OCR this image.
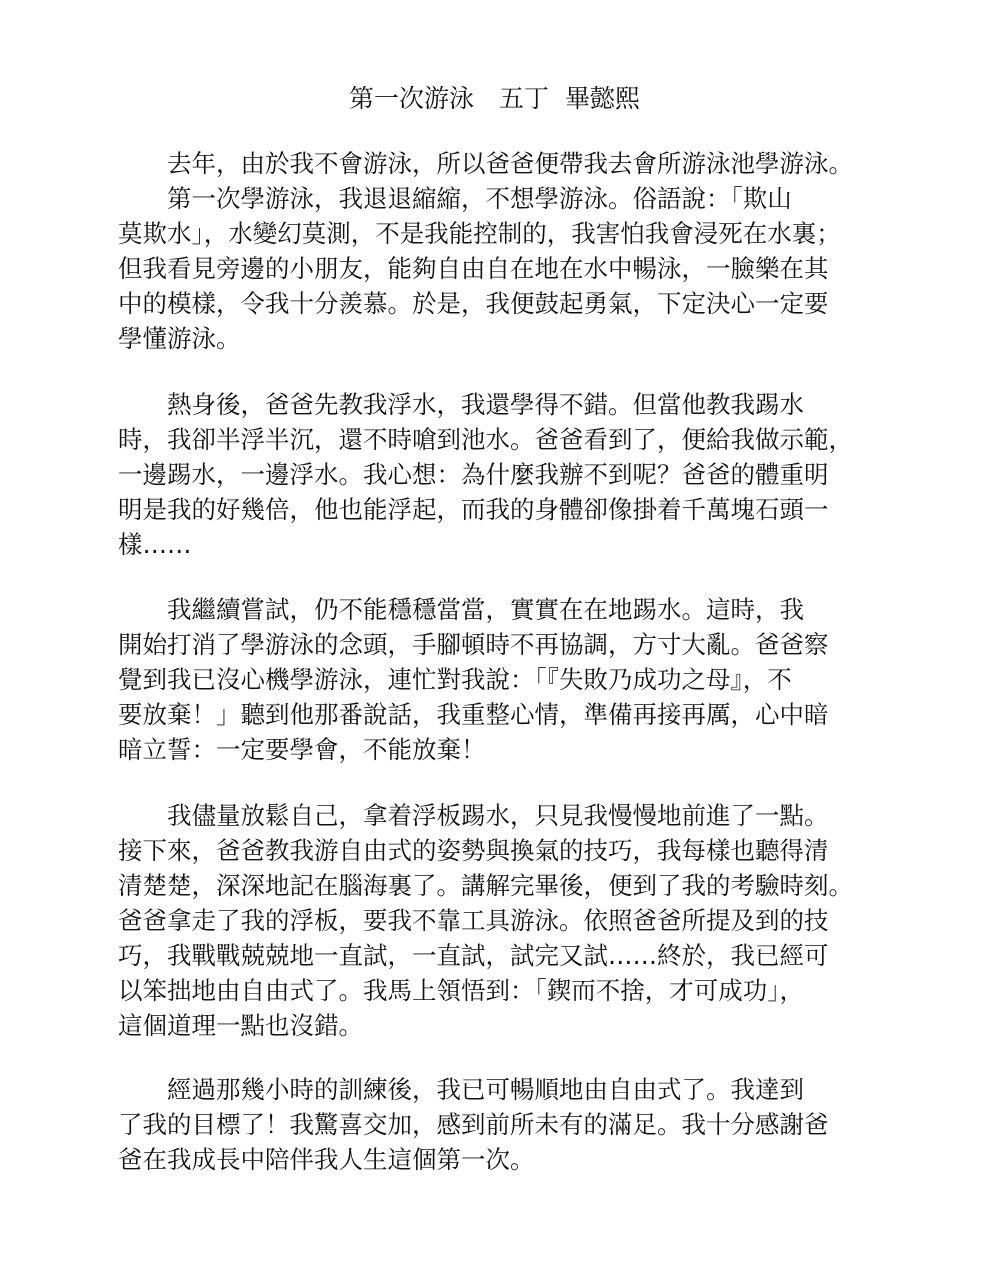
第一次游泳　五丁  畢懿熙

　　去年，由於我不會游泳，所以爸爸便帶我去會所游泳池學游泳。

　　第一次學游泳，我退退縮縮，不想學游泳。俗語說：「欺山

莫欺水」，水變幻莫測，不是我能控制的，我害怕我會浸死在水裏；

但我看見旁邊的小朋友，能夠自由自在地在水中暢泳，一臉樂在其

中的模樣，令我十分羨慕。於是，我便鼓起勇氣，下定決心一定要

學懂游泳。

　　熱身後，爸爸先教我浮水，我還學得不錯。但當他教我踢水

時，我卻半浮半沉，還不時嗆到池水。爸爸看到了，便給我做示範，

一邊踢水，一邊浮水。我心想：為什麼我辦不到呢？爸爸的體重明

明是我的好幾倍，他也能浮起，而我的身體卻像掛着千萬塊石頭一

樣……

　　我繼續嘗試，仍不能穩穩當當，實實在在地踢水。這時，我

開始打消了學游泳的念頭，手腳頓時不再協調，方寸大亂。爸爸察

覺到我已沒心機學游泳，連忙對我說：「『失敗乃成功之母』，不

要放棄！」聽到他那番說話，我重整心情，準備再接再厲，心中暗

暗立誓：一定要學會，不能放棄！

　　我儘量放鬆自己，拿着浮板踢水，只見我慢慢地前進了一點。

接下來，爸爸教我游自由式的姿勢與換氣的技巧，我每樣也聽得清

清楚楚，深深地記在腦海裏了。講解完畢後，便到了我的考驗時刻。

爸爸拿走了我的浮板，要我不靠工具游泳。依照爸爸所提及到的技

巧，我戰戰兢兢地一直試，一直試，試完又試……終於，我已經可

以笨拙地由自由式了。我馬上領悟到：「鍥而不捨，才可成功」，

這個道理一點也沒錯。

　　經過那幾小時的訓練後，我已可暢順地由自由式了。我達到

了我的目標了！我驚喜交加，感到前所未有的滿足。我十分感謝爸

爸在我成長中陪伴我人生這個第一次。
